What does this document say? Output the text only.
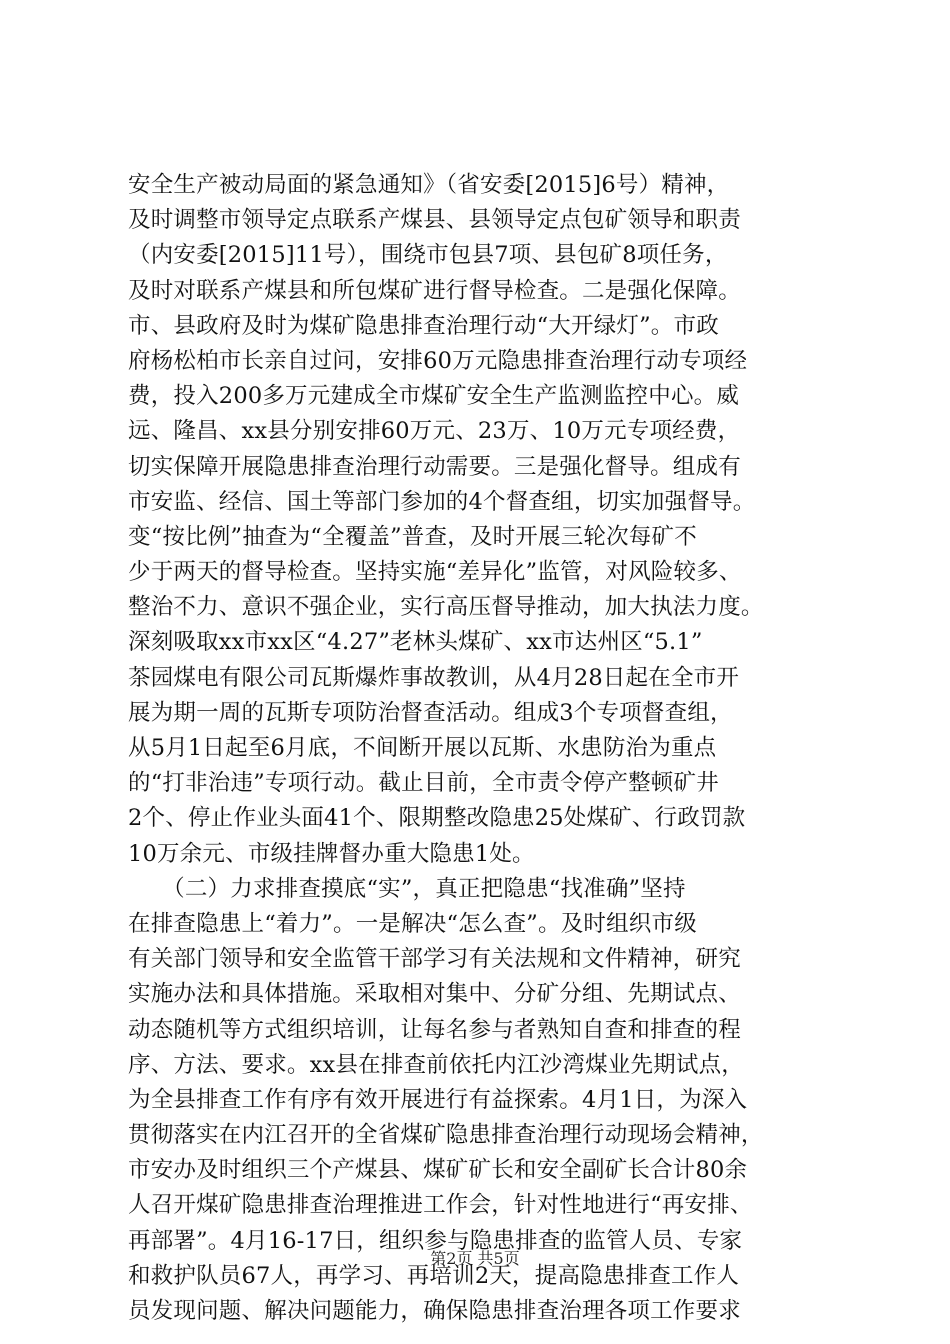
安全生产被动局面的紧急通知》（省安委[2015]6号）精神，
及时调整市领导定点联系产煤县、县领导定点包矿领导和职责
（内安委[2015]11号），围绕市包县7项、县包矿8项任务，
及时对联系产煤县和所包煤矿进行督导检查。二是强化保障。
市、县政府及时为煤矿隐患排查治理行动“大开绿灯”。市政
府杨松柏市长亲自过问，安排60万元隐患排查治理行动专项经
费，投入200多万元建成全市煤矿安全生产监测监控中心。威
远、隆昌、xx县分别安排60万元、23万、10万元专项经费，
切实保障开展隐患排查治理行动需要。三是强化督导。组成有
市安监、经信、国土等部门参加的4个督查组，切实加强督导。
变“按比例”抽查为“全覆盖”普查，及时开展三轮次每矿不
少于两天的督导检查。坚持实施“差异化”监管，对风险较多、
整治不力、意识不强企业，实行高压督导推动，加大执法力度。
深刻吸取xx市xx区“4.27”老林头煤矿、xx市达州区“5.1”
茶园煤电有限公司瓦斯爆炸事故教训，从4月28日起在全市开
展为期一周的瓦斯专项防治督查活动。组成3个专项督查组，
从5月1日起至6月底，不间断开展以瓦斯、水患防治为重点
的“打非治违”专项行动。截止目前，全市责令停产整顿矿井
2个、停止作业头面41个、限期整改隐患25处煤矿、行政罚款
10万余元、市级挂牌督办重大隐患1处。
　　（二）力求排查摸底“实”，真正把隐患“找准确”坚持
在排查隐患上“着力”。一是解决“怎么查”。及时组织市级
有关部门领导和安全监管干部学习有关法规和文件精神，研究
实施办法和具体措施。采取相对集中、分矿分组、先期试点、
动态随机等方式组织培训，让每名参与者熟知自查和排查的程
序、方法、要求。xx县在排查前依托内江沙湾煤业先期试点，
为全县排查工作有序有效开展进行有益探索。4月1日，为深入
贯彻落实在内江召开的全省煤矿隐患排查治理行动现场会精神，
市安办及时组织三个产煤县、煤矿矿长和安全副矿长合计80余
人召开煤矿隐患排查治理推进工作会，针对性地进行“再安排、
再部署”。4月16-17日，组织参与隐患排查的监管人员、专家
和救护队员67人，再学习、再培训2天，提高隐患排查工作人
员发现问题、解决问题能力，确保隐患排查治理各项工作要求
第2页 共5页
